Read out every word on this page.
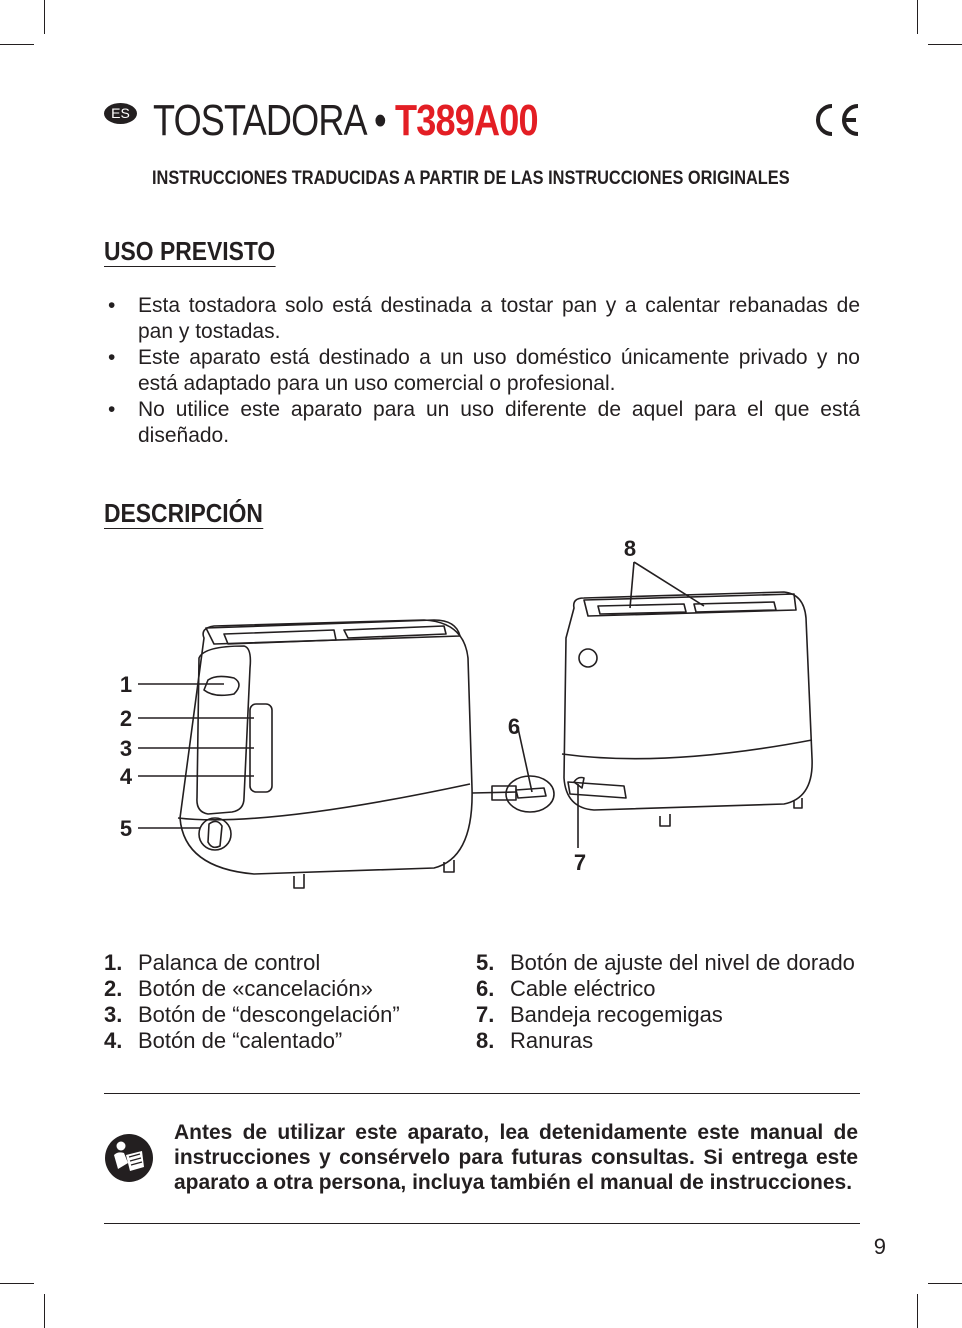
ES TOSTADORA • T389A00
INSTRUCCIONES TRADUCIDAS A PARTIR DE LAS INSTRUCCIONES ORIGINALES
USO PREVISTO
• Esta tostadora solo está destinada a tostar pan y a calentar rebanadas de pan y tostadas.
• Este aparato está destinado a un uso doméstico únicamente privado y no está adaptado para un uso comercial o profesional.
• No utilice este aparato para un uso diferente de aquel para el que está diseñado.
DESCRIPCIÓN
1
2
3
4
5
6
7
8
1. Palanca de control
2. Botón de «cancelación»
3. Botón de “descongelación”
4. Botón de “calentado”
5. Botón de ajuste del nivel de dorado
6. Cable eléctrico
7. Bandeja recogemigas
8. Ranuras
Antes de utilizar este aparato, lea detenidamente este manual de instrucciones y consérvelo para futuras consultas. Si entrega este aparato a otra persona, incluya también el manual de instrucciones.
9
